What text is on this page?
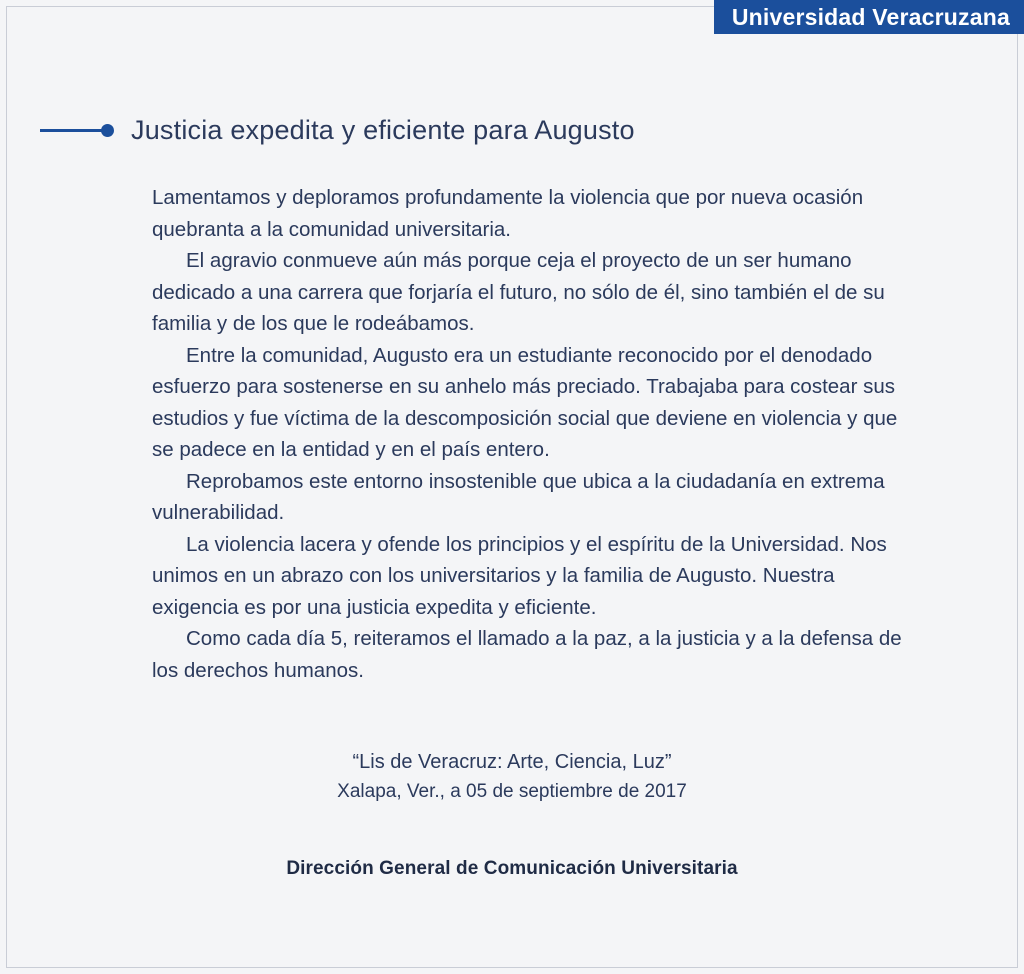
Universidad Veracruzana
Justicia expedita y eficiente para Augusto

Lamentamos y deploramos profundamente la violencia que por nueva ocasión quebranta a la comunidad universitaria.

El agravio conmueve aún más porque ceja el proyecto de un ser humano dedicado a una carrera que forjaría el futuro, no sólo de él, sino también el de su familia y de los que le rodeábamos.

Entre la comunidad, Augusto era un estudiante reconocido por el denodado esfuerzo para sostenerse en su anhelo más preciado. Trabajaba para costear sus estudios y fue víctima de la descomposición social que deviene en violencia y que se padece en la entidad y en el país entero.

Reprobamos este entorno insostenible que ubica a la ciudadanía en extrema vulnerabilidad.

La violencia lacera y ofende los principios y el espíritu de la Universidad. Nos unimos en un abrazo con los universitarios y la familia de Augusto. Nuestra exigencia es por una justicia expedita y eficiente.

Como cada día 5, reiteramos el llamado a la paz, a la justicia y a la defensa de los derechos humanos.

“Lis de Veracruz: Arte, Ciencia, Luz”
Xalapa, Ver., a 05 de septiembre de 2017
Dirección General de Comunicación Universitaria
